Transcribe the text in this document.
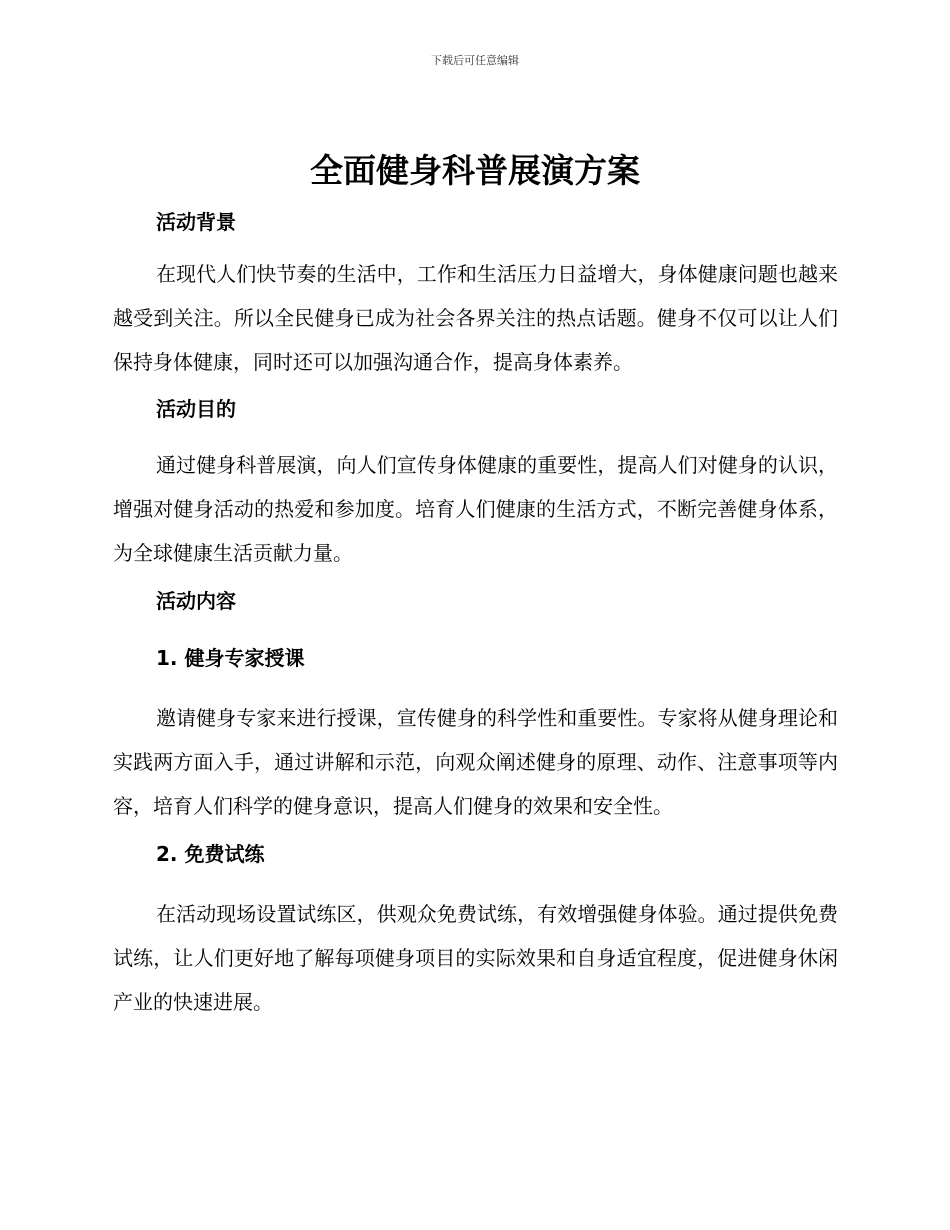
下载后可任意编辑
全面健身科普展演方案
活动背景

在现代人们快节奏的生活中，工作和生活压力日益增大，身体健康问题也越来越受到关注。所以全民健身已成为社会各界关注的热点话题。健身不仅可以让人们保持身体健康，同时还可以加强沟通合作，提高身体素养。

活动目的

通过健身科普展演，向人们宣传身体健康的重要性，提高人们对健身的认识，增强对健身活动的热爱和参加度。培育人们健康的生活方式，不断完善健身体系，为全球健康生活贡献力量。

活动内容
1. 健身专家授课

邀请健身专家来进行授课，宣传健身的科学性和重要性。专家将从健身理论和实践两方面入手，通过讲解和示范，向观众阐述健身的原理、动作、注意事项等内容，培育人们科学的健身意识，提高人们健身的效果和安全性。

2. 免费试练

在活动现场设置试练区，供观众免费试练，有效增强健身体验。通过提供免费试练，让人们更好地了解每项健身项目的实际效果和自身适宜程度，促进健身休闲产业的快速进展。
